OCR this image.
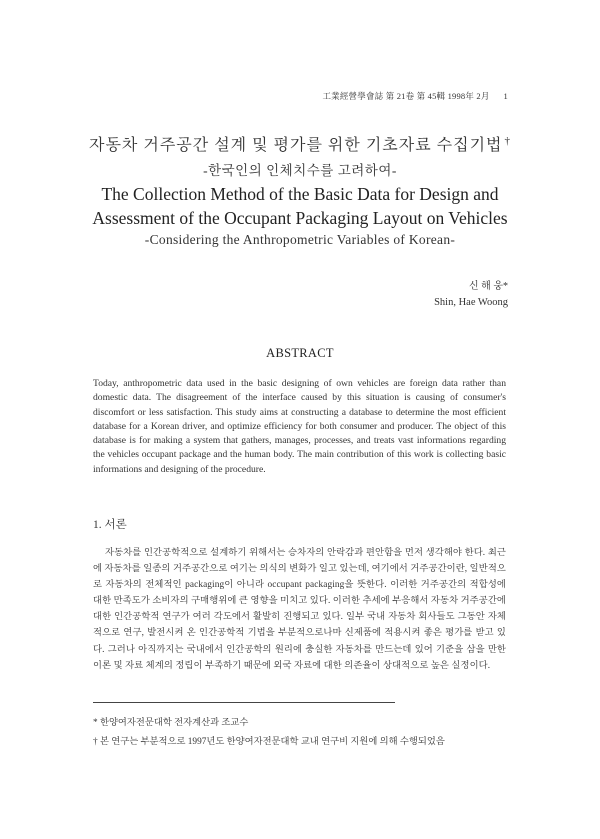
工業經營學會誌 第 21卷 第 45輯 1998年 2月 1
자동차 거주공간 설계 및 평가를 위한 기초자료 수집기법 †
-한국인의 인체치수를 고려하여-
The Collection Method of the Basic Data for Design and
Assessment of the Occupant Packaging Layout on Vehicles
-Considering the Anthropometric Variables of Korean-
신 해 웅*
Shin, Hae Woong
ABSTRACT

Today, anthropometric data used in the basic designing of own vehicles are foreign data rather than domestic data. The disagreement of the interface caused by this situation is causing of consumer's discomfort or less satisfaction. This study aims at constructing a database to determine the most efficient database for a Korean driver, and optimize efficiency for both consumer and producer. The object of this database is for making a system that gathers, manages, processes, and treats vast informations regarding the vehicles occupant package and the human body. The main contribution of this work is collecting basic informations and designing of the procedure.

1. 서론

자동차를 인간공학적으로 설계하기 위해서는 승차자의 안락감과 편안함을 먼저 생각해야 한다. 최근에 자동차를 일종의 거주공간으로 여기는 의식의 변화가 일고 있는데, 여기에서 거주공간이란, 일반적으로 자동차의 전체적인 packaging이 아니라 occupant packaging을 뜻한다. 이러한 거주공간의 적합성에 대한 만족도가 소비자의 구매행위에 큰 영향을 미치고 있다. 이러한 추세에 부응해서 자동차 거주공간에 대한 인간공학적 연구가 여러 각도에서 활발히 진행되고 있다. 일부 국내 자동차 회사들도 그동안 자체적으로 연구, 발전시켜 온 인간공학적 기법을 부분적으로나마 신제품에 적용시켜 좋은 평가를 받고 있다. 그러나 아직까지는 국내에서 인간공학의 원리에 충실한 자동차를 만드는데 있어 기준을 삼을 만한 이론 및 자료 체계의 정립이 부족하기 때문에 외국 자료에 대한 의존율이 상대적으로 높은 실정이다.

* 한양여자전문대학 전자계산과 조교수
† 본 연구는 부분적으로 1997년도 한양여자전문대학 교내 연구비 지원에 의해 수행되었음
